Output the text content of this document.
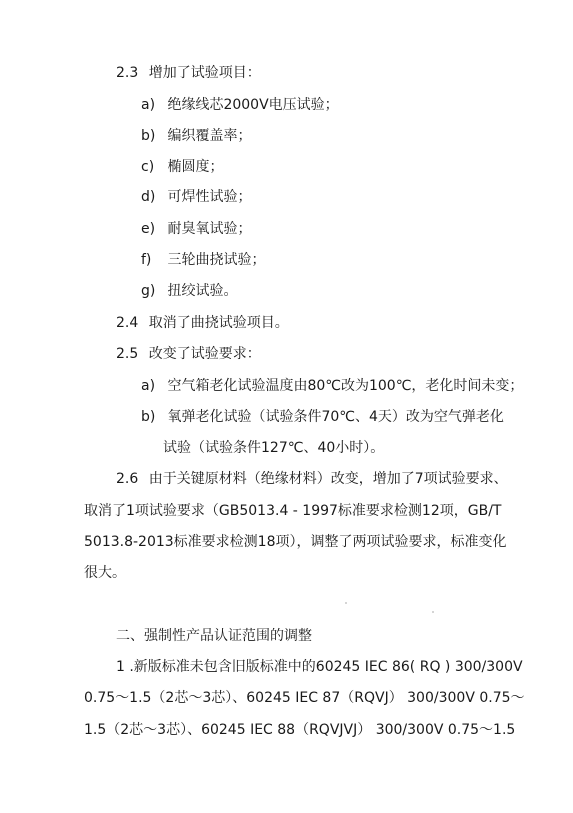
2.3 增加了试验项目：
a) 绝缘线芯2000V电压试验；
b) 编织覆盖率；
c) 椭圆度；
d) 可焊性试验；
e) 耐臭氧试验；
f) 三轮曲挠试验；
g) 扭绞试验。
2.4 取消了曲挠试验项目。
2.5 改变了试验要求：
a) 空气箱老化试验温度由80℃改为100℃，老化时间未变；
b) 氧弹老化试验（试验条件70℃、4天）改为空气弹老化
试验（试验条件127℃、40小时）。
2.6 由于关键原材料（绝缘材料）改变，增加了7项试验要求、
取消了1项试验要求（GB5013.4 - 1997标准要求检测12项，GB/T
5013.8-2013标准要求检测18项），调整了两项试验要求，标准变化
很大。
二、强制性产品认证范围的调整
1 .新版标准未包含旧版标准中的60245 IEC 86( RQ ) 300/300V
0.75～1.5（2芯～3芯）、60245 IEC 87（RQVJ） 300/300V 0.75～
1.5（2芯～3芯）、60245 IEC 88（RQVJVJ） 300/300V 0.75～1.5
